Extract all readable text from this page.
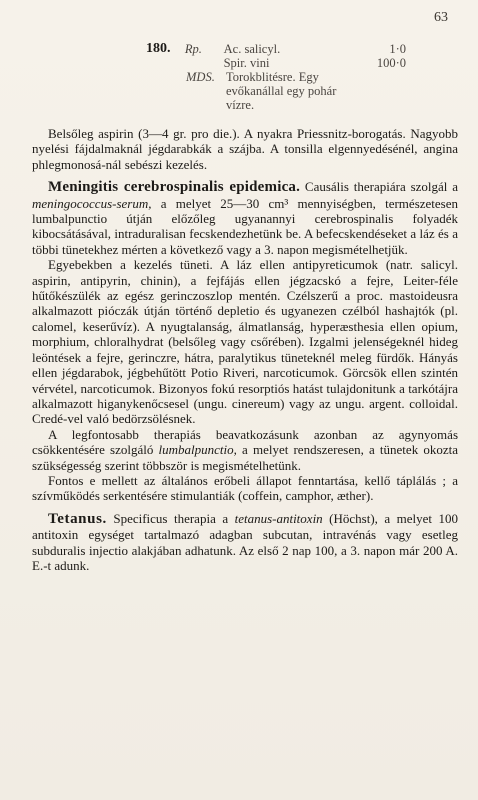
63
180.	Rp.	Ac. salicyl.	1·0
Spir. vini	100·0
MDS. Torokblitésre. Egy
evőkanállal egy pohár
vízre.

Belsőleg aspirin (3—4 gr. pro die.). A nyakra Priessnitz-borogatás. Nagyobb nyelési fájdalmaknál jégdarabkák a szájba. A tonsilla elgennyedésénél, angina phlegmonosá-nál sebészi kezelés.

Meningitis cerebrospinalis epidemica. Causális therapiára szolgál a meningococcus-serum, a melyet 25—30 cm³ mennyiségben, természetesen lumbalpunctio útján előzőleg ugyanannyi cerebrospinalis folyadék kibocsátásával, intraduralisan fecskendezhetünk be. A befecskendéseket a láz és a többi tünetekhez mérten a következő vagy a 3. napon megismételhetjük.

Egyebekben a kezelés tüneti. A láz ellen antipyreticumok (natr. salicyl. aspirin, antipyrin, chinin), a fejfájás ellen jégzacskó a fejre, Leiter-féle hűtőkészülék az egész gerinczoszlop mentén. Czélszerű a proc. mastoideusra alkalmazott pióczák útján történő depletio és ugyanezen czélból hashajtók (pl. calomel, keserűvíz). A nyugtalanság, álmatlanság, hyperæsthesia ellen opium, morphium, chloralhydrat (belsőleg vagy csőrében). Izgalmi jelenségeknél hideg leöntések a fejre, gerinczre, hátra, paralytikus tüneteknél meleg fürdők. Hányás ellen jégdarabok, jégbehűtött Potio Riveri, narcoticumok. Görcsök ellen szintén vérvétel, narcoticumok. Bizonyos fokú resorptiós hatást tulajdonitunk a tarkótájra alkalmazott higanykenőcsesel (ungu. cinereum) vagy az ungu. argent. colloidal. Credé-vel való bedörzsölésnek.

A legfontosabb therapiás beavatkozásunk azonban az agynyomás csökkentésére szolgáló lumbalpunctio, a melyet rendszeresen, a tünetek okozta szükségesség szerint többször is megismételhetünk.

Fontos e mellett az általános erőbeli állapot fenntartása, kellő táplálás ; a szívműködés serkentésére stimulantiák (coffein, camphor, æther).

Tetanus. Specificus therapia a tetanus-antitoxin (Höchst), a melyet 100 antitoxin egységet tartalmazó adagban subcutan, intravénás vagy esetleg subduralis injectio alakjában adhatunk. Az első 2 nap 100, a 3. napon már 200 A. E.-t adunk.
